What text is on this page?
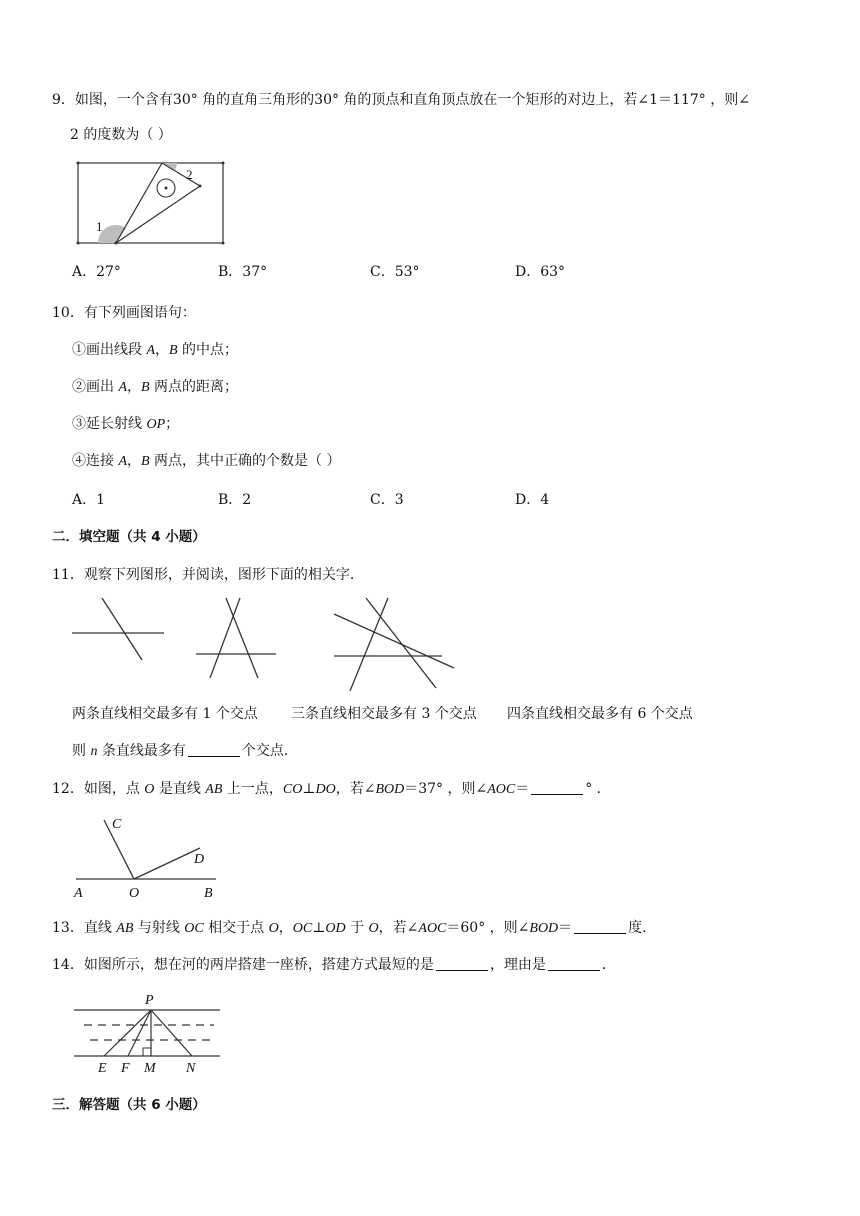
9．如图，一个含有30° 角的直角三角形的30° 角的顶点和直角顶点放在一个矩形的对边上，若∠1＝117° ，则∠
2 的度数为（ ）
1
2
A．27°	B．37°	C．53°	D．63°
10．有下列画图语句：
①画出线段 A，B 的中点；
②画出 A，B 两点的距离；
③延长射线 OP；
④连接 A，B 两点，其中正确的个数是（ ）
A．1	B．2	C．3	D．4
二．填空题（共 4 小题）
11．观察下列图形，并阅读，图形下面的相关字．
两条直线相交最多有 1 个交点 三条直线相交最多有 3 个交点 四条直线相交最多有 6 个交点
则 n 条直线最多有	个交点．
12．如图，点 O 是直线 AB 上一点，CO⊥DO，若∠BOD＝37° ，则∠AOC＝	° ．
A	O	B
C
D
13．直线 AB 与射线 OC 相交于点 O，OC⊥OD 于 O，若∠AOC＝60° ，则∠BOD＝	度．
14．如图所示，想在河的两岸搭建一座桥，搭建方式最短的是	，理由是	．
P
E F M N
三．解答题（共 6 小题）
